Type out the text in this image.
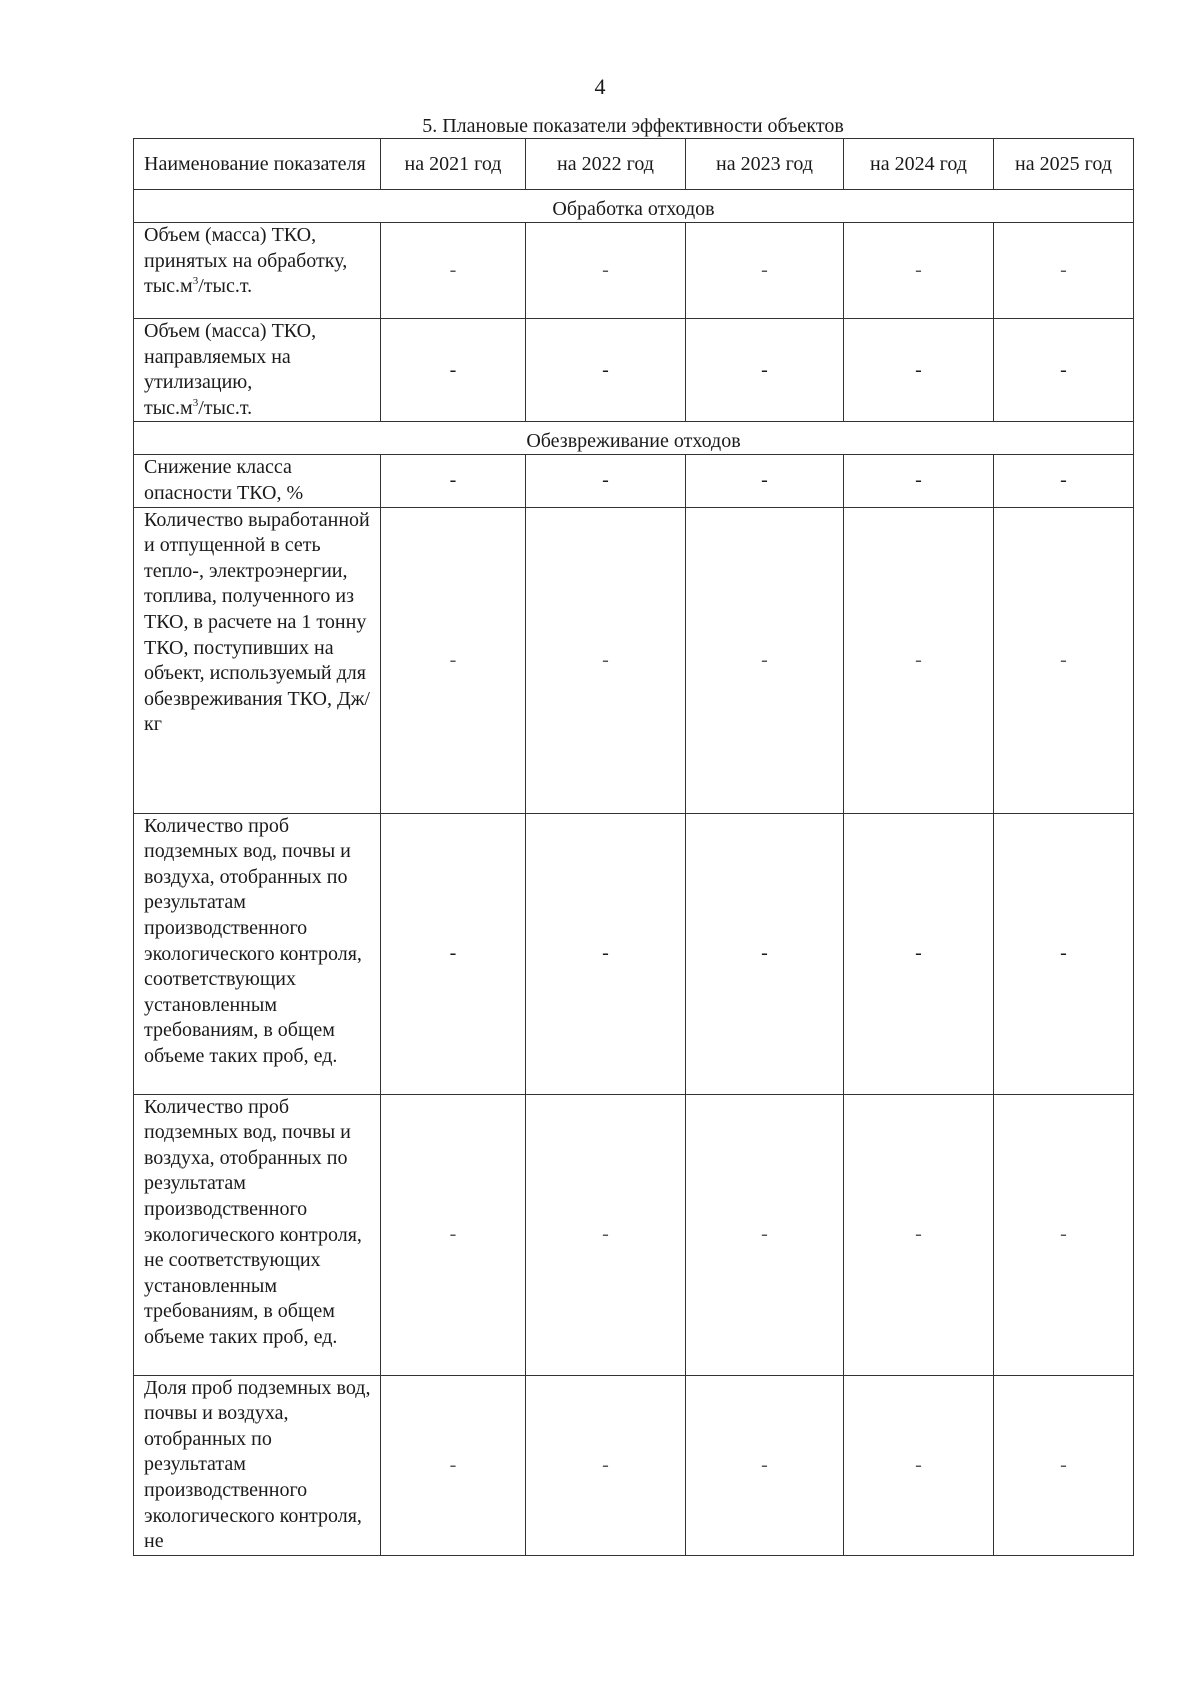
4
5. Плановые показатели эффективности объектов
Наименование показателя	на 2021 год	на 2022 год	на 2023 год	на 2024 год	на 2025 год
Обработка отходов					
Объем (масса) ТКО, принятых на обработку,
$тыс.м^3/тыс.т$.	-	-	-	-	-
Объем (масса) ТКО, направляемых на утилизацию,
$тыс.м^3/тыс.т$.	-	-	-	-	-
Обезвреживание отходов					
Снижение класса опасности ТКО, %	-	-	-	-	-
Количество выработанной и отпущенной в сеть тепло-, электроэнергии, топлива, полученного из ТКО, в расчете на 1 тонну ТКО, поступивших на объект, используемый для обезвреживания ТКО, Дж/кг	-	-	-	-	-
Количество проб подземных вод, почвы и воздуха, отобранных по результатам производственного экологического контроля, соответствующих установленным требованиям, в общем объеме таких проб, ед.	-	-	-	-	-
Количество проб подземных вод, почвы и воздуха, отобранных по результатам производственного экологического контроля, не соответствующих установленным требованиям, в общем объеме таких проб, ед.	-	-	-	-	-
Доля проб подземных вод, почвы и воздуха, отобранных по результатам производственного экологического контроля, не	-	-	-	-	-
